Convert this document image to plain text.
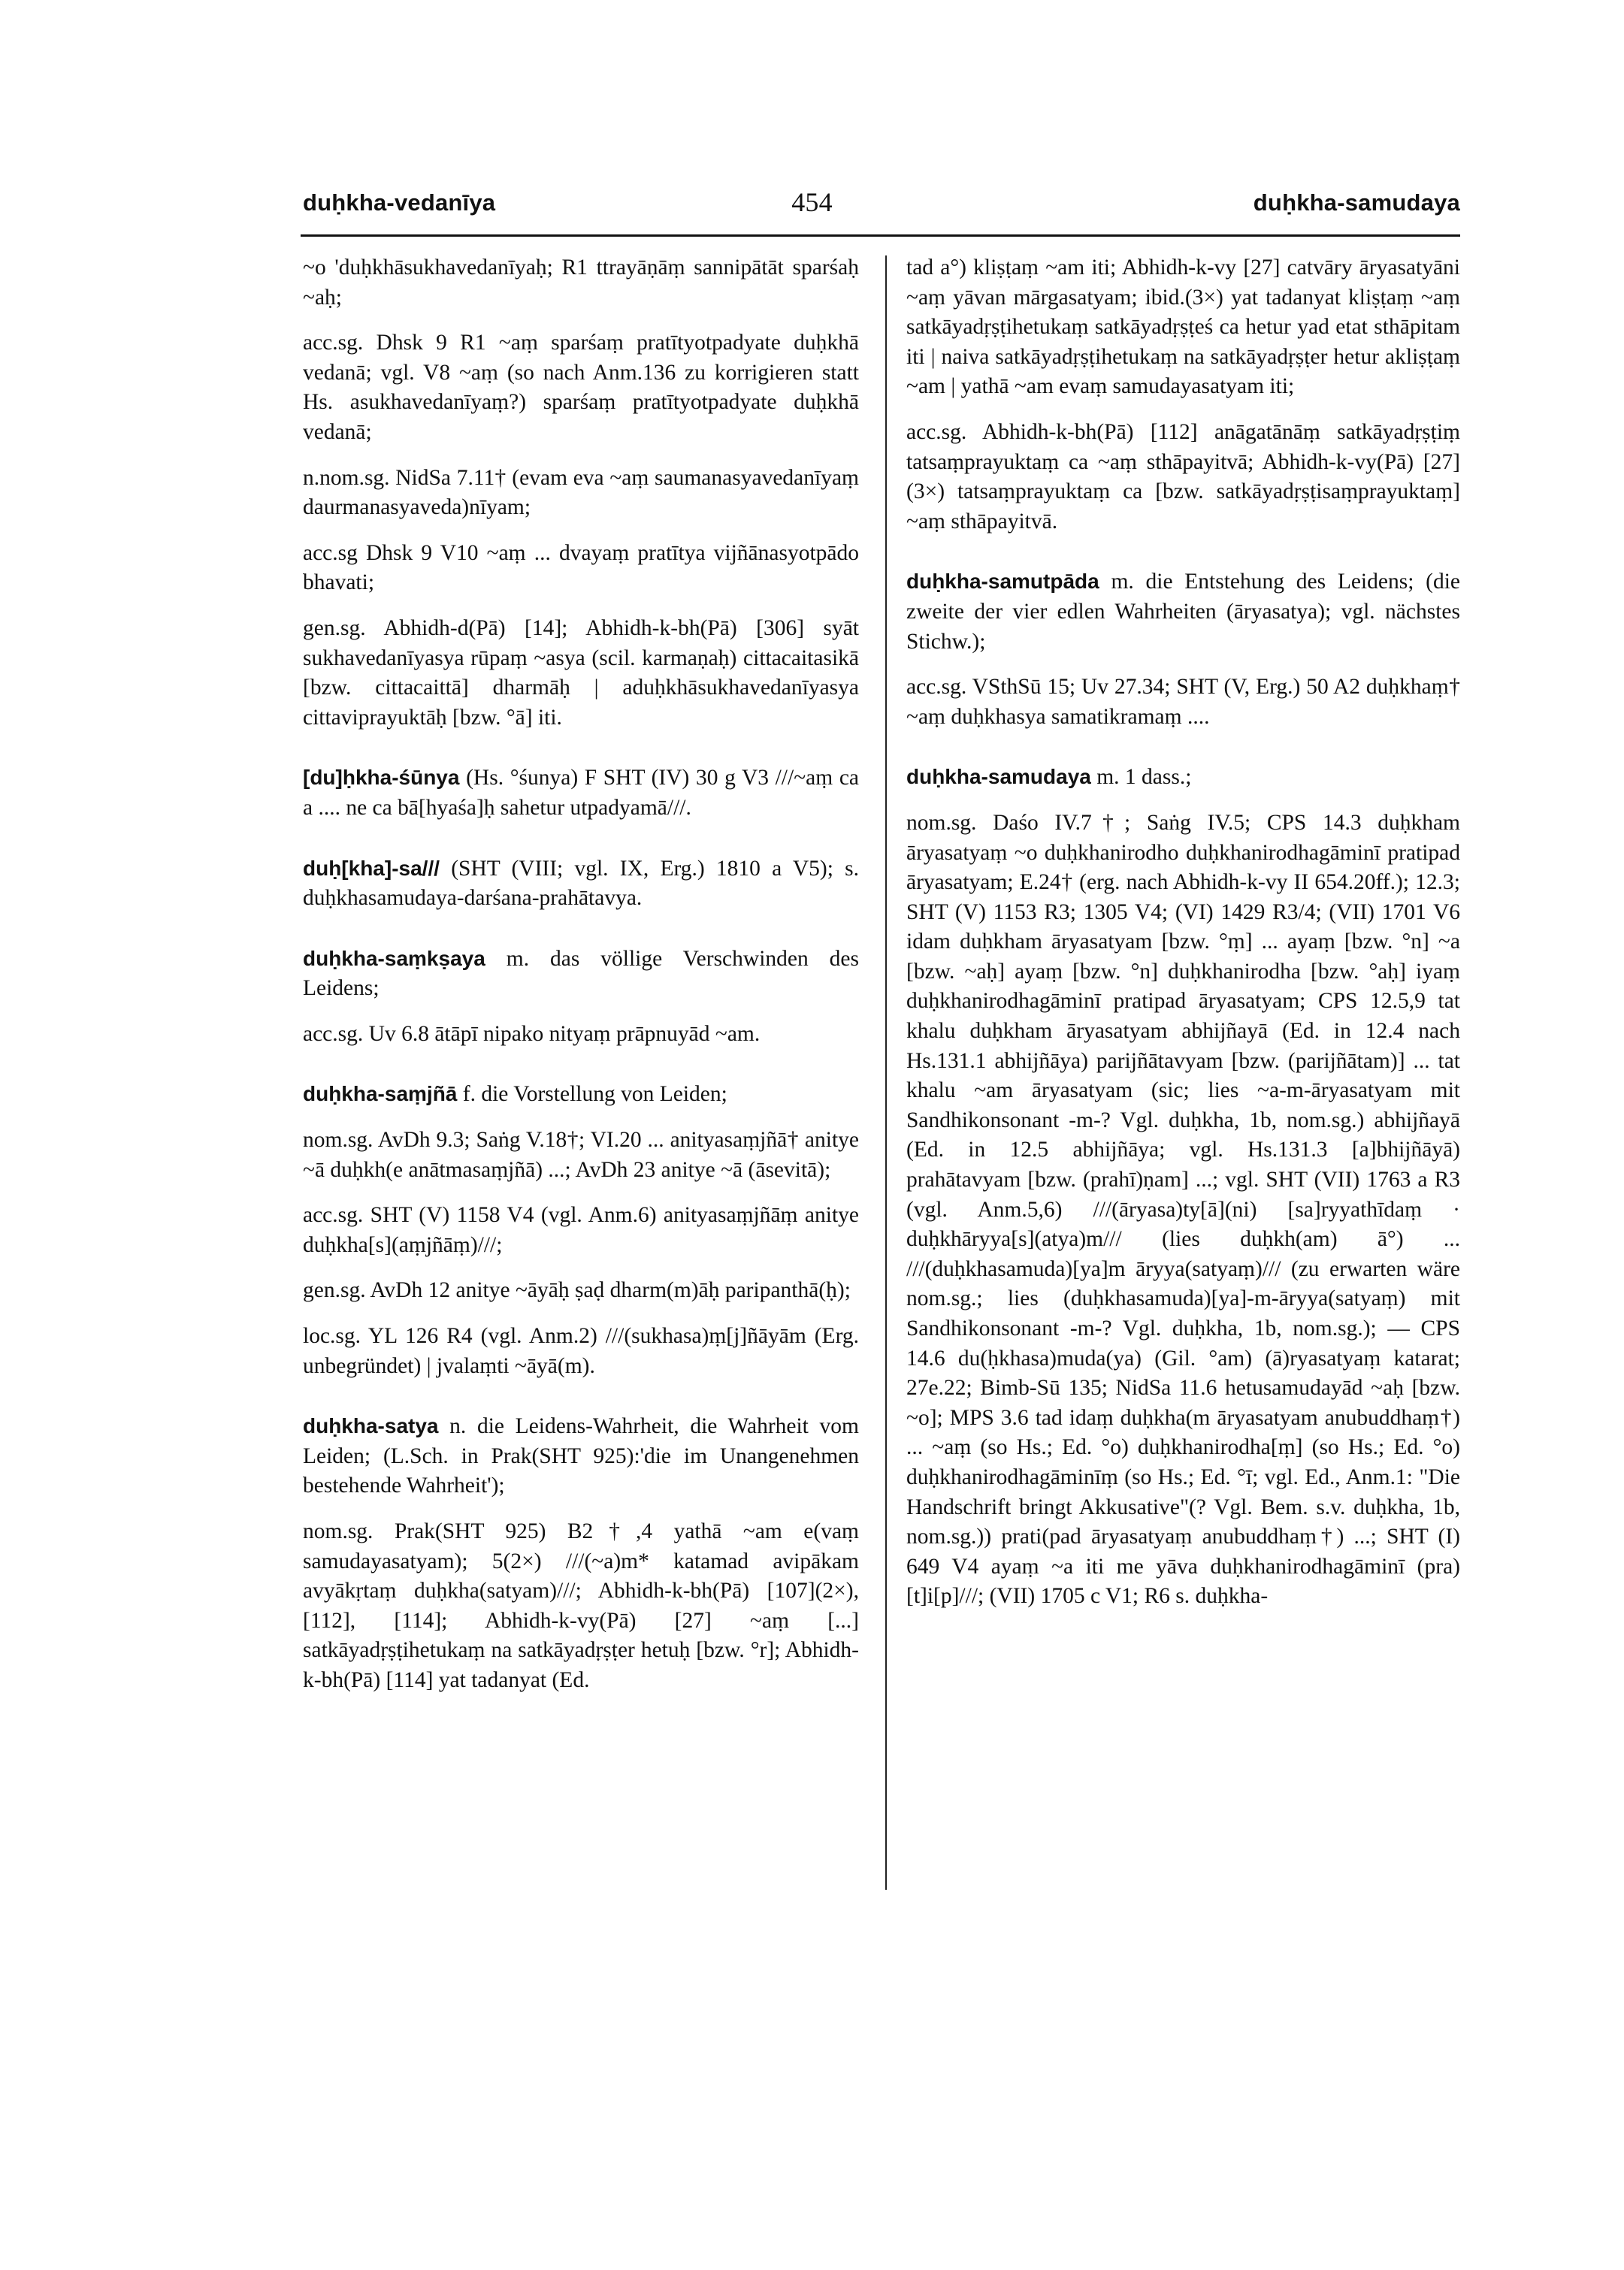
duḥkha-vedanīya	454	duḥkha-samudaya

~o 'duḥkhāsukhavedanīyaḥ; R1 ttrayāṇāṃ sannipātāt sparśaḥ ~aḥ;

acc.sg. Dhsk 9 R1 ~aṃ sparśaṃ pratītyotpadyate duḥkhā vedanā; vgl. V8 ~aṃ (so nach Anm.136 zu korrigieren statt Hs. asukhavedanīyaṃ?) sparśaṃ pratītyotpadyate duḥkhā vedanā;

n.nom.sg. NidSa 7.11† (evam eva ~aṃ saumanasyavedanīyaṃ daurmanasyaveda)nīyam;

acc.sg Dhsk 9 V10 ~aṃ ... dvayaṃ pratītya vijñānasyotpādo bhavati;

gen.sg. Abhidh-d(Pā) [14]; Abhidh-k-bh(Pā) [306] syāt sukhavedanīyasya rūpaṃ ~asya (scil. karmaṇaḥ) cittacaitasikā [bzw. cittacaittā] dharmāḥ | aduḥkhāsukhavedanīyasya cittaviprayuktāḥ [bzw. °ā] iti.

[du]ḥkha-śūnya (Hs. °śunya) F SHT (IV) 30 g V3 ///~aṃ ca a .... ne ca bā[hyaśa]ḥ sahetur utpadyamā///.

duḥ[kha]-sa/// (SHT (VIII; vgl. IX, Erg.) 1810 a V5); s. duḥkhasamudaya-darśana-prahātavya.

duḥkha-saṃkṣaya m. das völlige Verschwinden des Leidens;

acc.sg. Uv 6.8 ātāpī nipako nityaṃ prāpnuyād ~am.

duḥkha-saṃjñā f. die Vorstellung von Leiden;

nom.sg. AvDh 9.3; Saṅg V.18†; VI.20 ... anityasaṃjñā† anitye ~ā duḥkh(e anātmasaṃjñā) ...; AvDh 23 anitye ~ā (āsevitā);

acc.sg. SHT (V) 1158 V4 (vgl. Anm.6) anityasaṃjñāṃ anitye duḥkha[s](aṃjñāṃ)///;

gen.sg. AvDh 12 anitye ~āyāḥ ṣaḍ dharm(m)āḥ paripanthā(ḥ);

loc.sg. YL 126 R4 (vgl. Anm.2) ///(sukhasa)ṃ[j]ñāyām (Erg. unbegründet) | jvalaṃti ~āyā(m).

duḥkha-satya n. die Leidens-Wahrheit, die Wahrheit vom Leiden; (L.Sch. in Prak(SHT 925):'die im Unangenehmen bestehende Wahrheit');

nom.sg. Prak(SHT 925) B2†,4 yathā ~am e(vaṃ samudayasatyam); 5(2×) ///(~a)m* katamad avipākam avyākṛtaṃ duḥkha(satyam)///; Abhidh-k-bh(Pā) [107](2×),[112], [114]; Abhidh-k-vy(Pā) [27] ~aṃ [...] satkāyadṛṣṭihetukaṃ na satkāyadṛṣṭer hetuḥ [bzw. °r]; Abhidh-k-bh(Pā) [114] yat tadanyat (Ed.

tad a°) kliṣṭaṃ ~am iti; Abhidh-k-vy [27] catvāry āryasatyāni ~aṃ yāvan mārgasatyam; ibid.(3×) yat tadanyat kliṣṭaṃ ~aṃ satkāyadṛṣṭihetukaṃ satkāyadṛṣṭeś ca hetur yad etat sthāpitam iti | naiva satkāyadṛṣṭihetukaṃ na satkāyadṛṣṭer hetur akliṣṭaṃ ~am | yathā ~am evaṃ samudayasatyam iti;

acc.sg. Abhidh-k-bh(Pā) [112] anāgatānāṃ satkāyadṛṣṭiṃ tatsaṃprayuktaṃ ca ~aṃ sthāpayitvā; Abhidh-k-vy(Pā) [27](3×) tatsaṃprayuktaṃ ca [bzw. satkāyadṛṣṭisaṃprayuktaṃ] ~aṃ sthāpayitvā.

duḥkha-samutpāda m. die Entstehung des Leidens; (die zweite der vier edlen Wahrheiten (āryasatya); vgl. nächstes Stichw.);

acc.sg. VSthSū 15; Uv 27.34; SHT (V, Erg.) 50 A2 duḥkhaṃ† ~aṃ duḥkhasya samatikramaṃ ....

duḥkha-samudaya m. 1 dass.;

nom.sg. Daśo IV.7†; Saṅg IV.5; CPS 14.3 duḥkham āryasatyaṃ ~o duḥkhanirodho duḥkhanirodhagāminī pratipad āryasatyam; E.24† (erg. nach Abhidh-k-vy II 654.20ff.); 12.3; SHT (V) 1153 R3; 1305 V4; (VI) 1429 R3/4; (VII) 1701 V6 idam duḥkham āryasatyam [bzw. °ṃ] ... ayaṃ [bzw. °n] ~a [bzw. ~aḥ] ayaṃ [bzw. °n] duḥkhanirodha [bzw. °aḥ] iyaṃ duḥkhanirodhagāminī pratipad āryasatyam; CPS 12.5,9 tat khalu duḥkham āryasatyam abhijñayā (Ed. in 12.4 nach Hs.131.1 abhijñāya) parijñātavyam [bzw. (parijñātam)] ... tat khalu ~am āryasatyam (sic; lies ~a-m-āryasatyam mit Sandhikonsonant -m-? Vgl. duḥkha, 1b, nom.sg.) abhijñayā (Ed. in 12.5 abhijñāya; vgl. Hs.131.3 [a]bhijñāyā) prahātavyam [bzw. (prahī)ṇam] ...; vgl. SHT (VII) 1763 a R3 (vgl. Anm.5,6) ///(āryasa)ty[ā](ni) [sa]ryyathīdaṃ · duḥkhāryya[s](atya)m/// (lies duḥkh(am) ā°) ... ///(duḥkhasamuda)[ya]m āryya(satyaṃ)/// (zu erwarten wäre nom.sg.; lies (duḥkhasamuda)[ya]-m-āryya(satyaṃ) mit Sandhikonsonant -m-? Vgl. duḥkha, 1b, nom.sg.); — CPS 14.6 du(ḥkhasa)muda(ya) (Gil. °am) (ā)ryasatyaṃ katarat; 27e.22; Bimb-Sū 135; NidSa 11.6 hetusamudayād ~aḥ [bzw. ~o]; MPS 3.6 tad idaṃ duḥkha(m āryasatyam anubuddhaṃ†) ... ~aṃ (so Hs.; Ed. °o) duḥkhanirodha[ṃ] (so Hs.; Ed. °o) duḥkhanirodhagāminīṃ (so Hs.; Ed. °ī; vgl. Ed., Anm.1: "Die Handschrift bringt Akkusative"(? Vgl. Bem. s.v. duḥkha, 1b, nom.sg.)) prati(pad āryasatyaṃ anubuddhaṃ†) ...; SHT (I) 649 V4 ayaṃ ~a iti me yāva duḥkhanirodhagāminī (pra)[t]i[p]///; (VII) 1705 c V1; R6 s. duḥkha-
